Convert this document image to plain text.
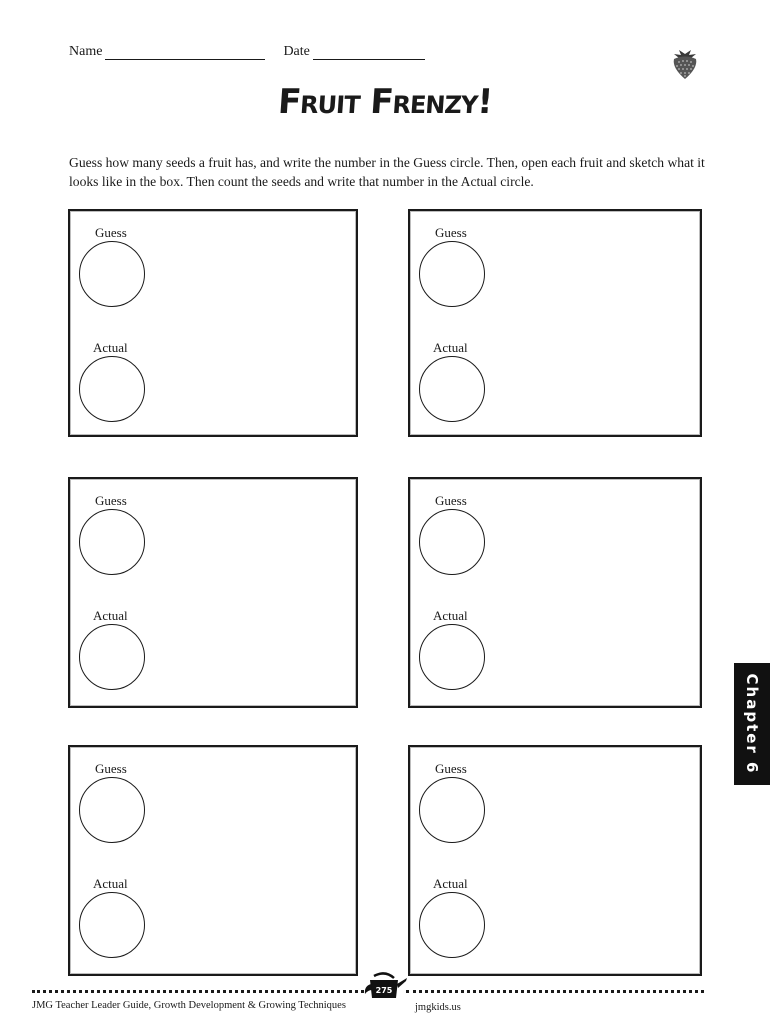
Name	Date
Fruit Frenzy!
Guess how many seeds a fruit has, and write the number in the Guess circle. Then, open each fruit and sketch what it looks like in the box. Then count the seeds and write that number in the Actual circle.
Guess
Actual
Guess
Actual
Guess
Actual
Guess
Actual
Guess
Actual
Guess
Actual
Chapter 6
275
JMG Teacher Leader Guide, Growth Development & Growing Techniques	jmgkids.us
